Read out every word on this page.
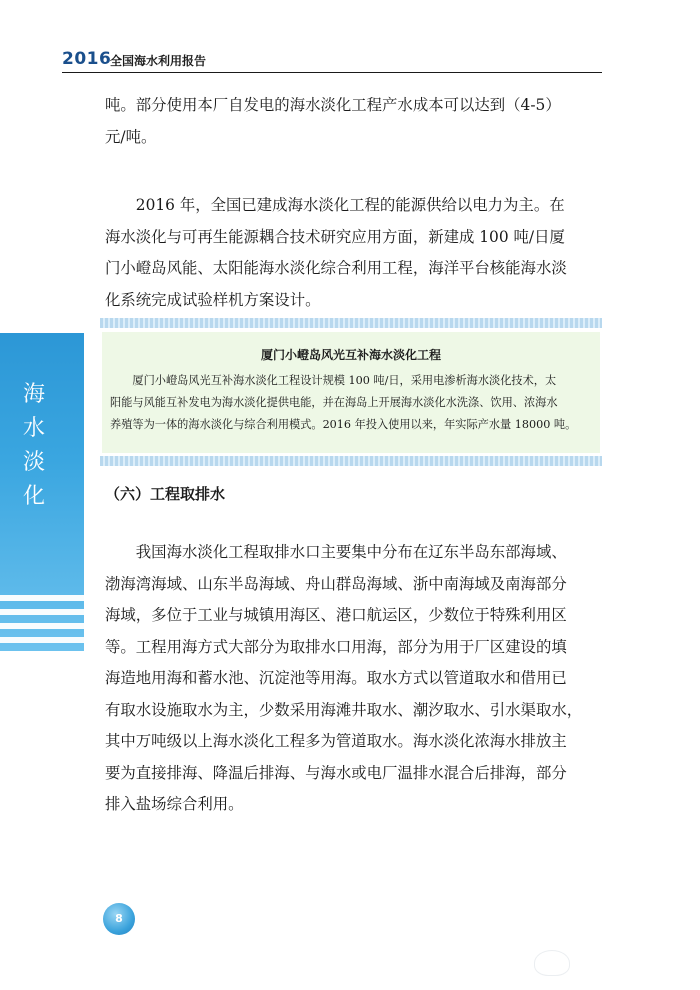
2016
全国海水利用报告
吨。部分使用本厂自发电的海水淡化工程产水成本可以达到（4-5）
元/吨。
　　2016 年，全国已建成海水淡化工程的能源供给以电力为主。在
海水淡化与可再生能源耦合技术研究应用方面，新建成 100 吨/日厦
门小嶝岛风能、太阳能海水淡化综合利用工程，海洋平台核能海水淡
化系统完成试验样机方案设计。
海
水
淡
化
厦门小嶝岛风光互补海水淡化工程
　　厦门小嶝岛风光互补海水淡化工程设计规模 100 吨/日，采用电渗析海水淡化技术，太
阳能与风能互补发电为海水淡化提供电能，并在海岛上开展海水淡化水洗涤、饮用、浓海水
养殖等为一体的海水淡化与综合利用模式。2016 年投入使用以来，年实际产水量 18000 吨。
（六）工程取排水
　　我国海水淡化工程取排水口主要集中分布在辽东半岛东部海域、
渤海湾海域、山东半岛海域、舟山群岛海域、浙中南海域及南海部分
海域，多位于工业与城镇用海区、港口航运区，少数位于特殊利用区
等。工程用海方式大部分为取排水口用海，部分为用于厂区建设的填
海造地用海和蓄水池、沉淀池等用海。取水方式以管道取水和借用已
有取水设施取水为主，少数采用海滩井取水、潮汐取水、引水渠取水，
其中万吨级以上海水淡化工程多为管道取水。海水淡化浓海水排放主
要为直接排海、降温后排海、与海水或电厂温排水混合后排海，部分
排入盐场综合利用。
8
